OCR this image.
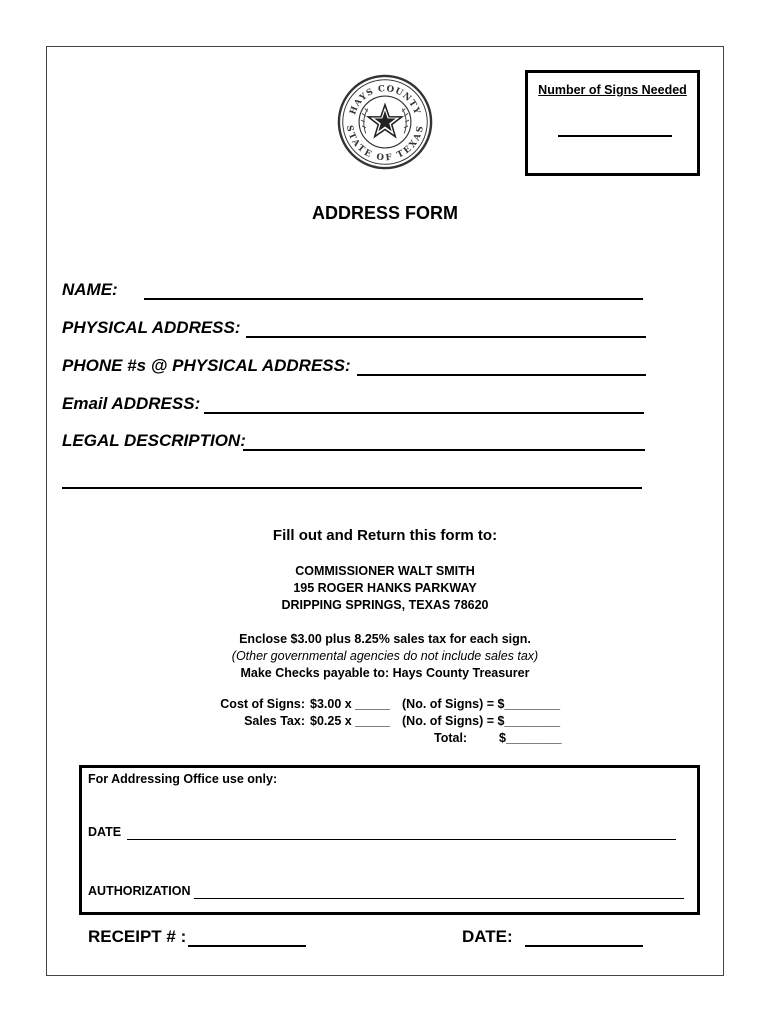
HAYS COUNTY
STATE OF TEXAS
Number of Signs Needed
ADDRESS FORM
NAME:
PHYSICAL ADDRESS:
PHONE #s @ PHYSICAL ADDRESS:
Email ADDRESS:
LEGAL DESCRIPTION:
Fill out and Return this form to:
COMMISSIONER WALT SMITH
195 ROGER HANKS PARKWAY
DRIPPING SPRINGS, TEXAS 78620
Enclose $3.00 plus 8.25% sales tax for each sign.
(Other governmental agencies do not include sales tax)
Make Checks payable to: Hays County Treasurer
Cost of Signs: $3.00 x _____ (No. of Signs) = $________
Sales Tax: $0.25 x _____ (No. of Signs) = $________
Total:	$________
For Addressing Office use only:
DATE
AUTHORIZATION
RECEIPT # :	DATE:
